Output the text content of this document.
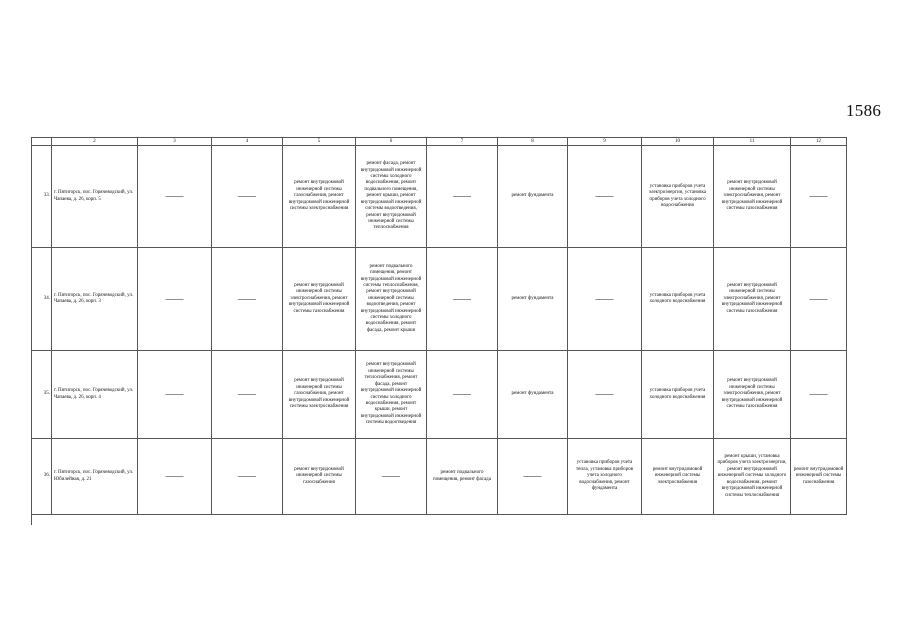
1586
	2	3	4	5	6	7	8	9	10	11	12
33.	г. Пятигорск, пос. Горячеводский, ул. Чапаева, д. 26, корп. 5	——	——	ремонт внутридомовой инженерной системы газоснабжения, ремонт внутридомовой инженерной системы электроснабжения	ремонт фасада, ремонт внутридомовой инженерной системы холодного водоснабжения, ремонт подвального помещения, ремонт крыши, ремонт внутридомовой инженерной системы водоотведения, ремонт внутридомовой инженерной системы теплоснабжения	——	ремонт фундамента	——	установка приборов учета электроэнергии, установка приборов учета холодного водоснабжения	ремонт внутридомовой инженерной системы электроснабжения, ремонт внутридомовой инженерной системы газоснабжения	——
34.	г. Пятигорск, пос. Горячеводский, ул. Чапаева, д. 26, корп. 3	——	——	ремонт внутридомовой инженерной системы электроснабжения, ремонт внутридомовой инженерной системы газоснабжения	ремонт подвального помещения, ремонт внутридомовой инженерной системы теплоснабжения, ремонт внутридомовой инженерной системы водоотведения, ремонт внутридомовой инженерной системы холодного водоснабжения, ремонт фасада, ремонт крыши	——	ремонт фундамента	——	установка приборов учета холодного водоснабжения	ремонт внутридомовой инженерной системы электроснабжения, ремонт внутридомовой инженерной системы газоснабжения	——
35.	г. Пятигорск, пос. Горячеводский, ул. Чапаева, д. 26, корп. 4	——	——	ремонт внутридомовой инженерной системы газоснабжения, ремонт внутридомовой инженерной системы электроснабжения	ремонт внутридомовой инженерной системы теплоснабжения, ремонт фасада, ремонт внутридомовой инженерной системы холодного водоснабжения, ремонт крыши, ремонт внутридомовой инженерной системы водоотведения	——	ремонт фундамента	——	установка приборов учета холодного водоснабжения	ремонт внутридомовой инженерной системы электроснабжения, ремонт внутридомовой инженерной системы газоснабжения	——
36.	г. Пятигорск, пос. Горячеводский, ул. Юбилейная, д. 21	——	——	ремонт внутридомовой инженерной системы газоснабжения	——	ремонт подвального помещения, ремонт фасада	——	установка приборов учета тепла, установка приборов учета холодного водоснабжения, ремонт фундамента	ремонт внутридомовой инженерной системы электроснабжения	ремонт крыши, установка приборов учета электроэнергии, ремонт внутридомовой инженерной системы холодного водоснабжения, ремонт внутридомовой инженерной системы теплоснабжения	ремонт внутридомовой инженерной системы газоснабжения
